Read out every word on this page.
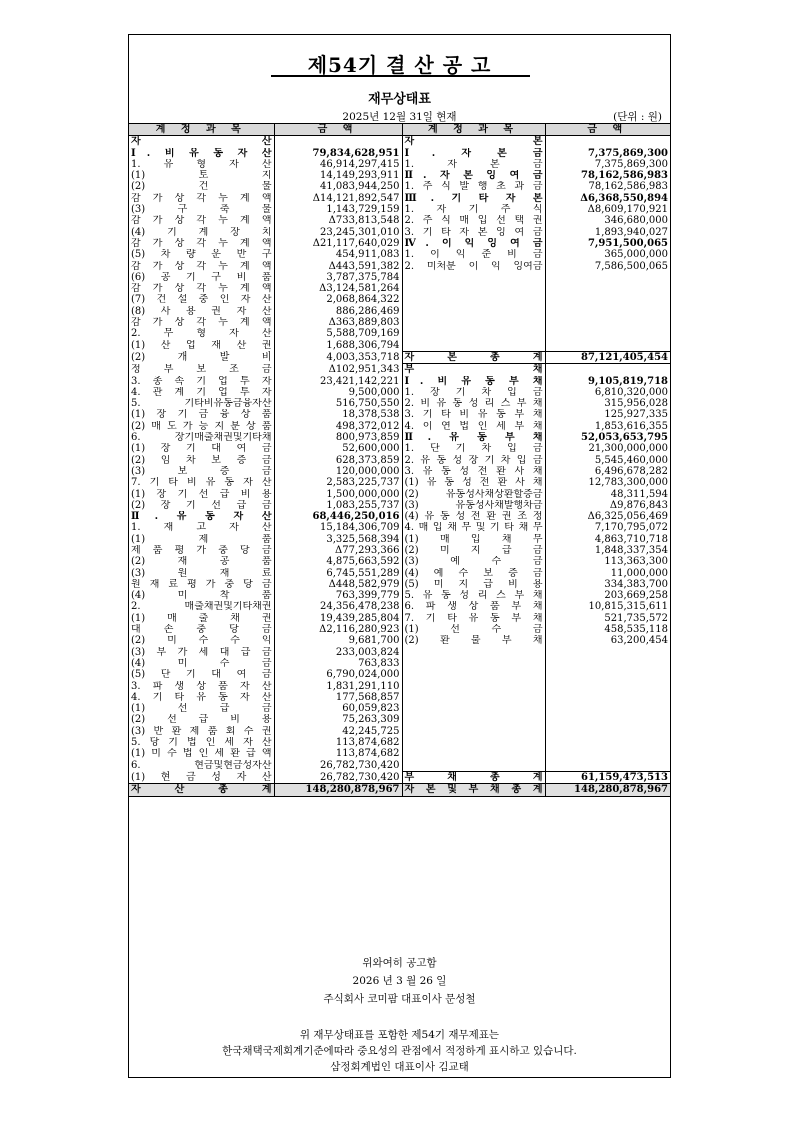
제54기 결 산 공 고
재무상태표
2025년 12월 31일 현재	(단위 : 원)
계 정 과 목	금 액	계 정 과 목	금 액
자 산		자 본	
Ⅰ. 비 유 동 자 산	79,834,628,951	Ⅰ. 자 본 금	7,375,869,300
1. 유 형 자 산	46,914,297,415	1. 자 본 금	7,375,869,300
(1) 토 지	14,149,293,911	Ⅱ. 자 본 잉 여 금	78,162,586,983
(2) 건 물	41,083,944,250	1. 주 식 발 행 초 과 금	78,162,586,983
감 가 상 각 누 계 액	Δ14,121,892,547	Ⅲ. 기 타 자 본	Δ6,368,550,894
(3) 구 축 물	1,143,729,159	1. 자 기 주 식	Δ8,609,170,921
감 가 상 각 누 계 액	Δ733,813,548	2. 주 식 매 입 선 택 권	346,680,000
(4) 기 계 장 치	23,245,301,010	3. 기 타 자 본 잉 여 금	1,893,940,027
감 가 상 각 누 계 액	Δ21,117,640,029	Ⅳ. 이 익 잉 여 금	7,951,500,065
(5) 차 량 운 반 구	454,911,083	1. 이 익 준 비 금	365,000,000
감 가 상 각 누 계 액	Δ443,591,382	2. 미처분 이 익 잉여금	7,586,500,065
(6) 공 기 구 비 품	3,787,375,784		
감 가 상 각 누 계 액	Δ3,124,581,264		
(7) 건 설 중 인 자 산	2,068,864,322		
(8) 사 용 권 자 산	886,286,469		
감 가 상 각 누 계 액	Δ363,889,803		
2. 무 형 자 산	5,588,709,169		
(1) 산 업 재 산 권	1,688,306,794		
(2) 개 발 비	4,003,353,718	자 본 총 계	87,121,405,454
정 부 보 조 금	Δ102,951,343	부 채	
3. 종 속 기 업 투 자	23,421,142,221	Ⅰ. 비 유 동 부 채	9,105,819,718
4. 관 계 기 업 투 자	9,500,000	1. 장 기 차 입 금	6,810,320,000
5. 기타비유동금융자산	516,750,550	2. 비 유 동 성 리 스 부 채	315,956,028
(1) 장 기 금 융 상 품	18,378,538	3. 기 타 비 유 동 부 채	125,927,335
(2) 매 도 가 능 지 분 상 품	498,372,012	4. 이 연 법 인 세 부 채	1,853,616,355
6. 장기매출채권및기타채	800,973,859	Ⅱ. 유 동 부 채	52,053,653,795
(1) 장 기 대 여 금	52,600,000	1. 단 기 차 입 금	21,300,000,000
(2) 임 차 보 증 금	628,373,859	2. 유 동 성 장 기 차 입 금	5,545,460,000
(3) 보 증 금	120,000,000	3. 유 동 성 전 환 사 채	6,496,678,282
7. 기 타 비 유 동 자 산	2,583,225,737	(1) 유 동 성 전 환 사 채	12,783,300,000
(1) 장 기 선 급 비 용	1,500,000,000	(2) 유동성사채상환할증금	48,311,594
(2) 장 기 선 급 금	1,083,255,737	(3) 유동성사채발행차금	Δ9,876,843
Ⅱ. 유 동 자 산	68,446,250,016	(4) 유 동 성 전 환 권 조 정	Δ6,325,056,469
1. 재 고 자 산	15,184,306,709	4. 매 입 채 무 및 기 타 채 무	7,170,795,072
(1) 제 품	3,325,568,394	(1) 매 입 채 무	4,863,710,718
제 품 평 가 충 당 금	Δ77,293,366	(2) 미 지 급 금	1,848,337,354
(2) 재 공 품	4,875,663,592	(3) 예 수 금	113,363,300
(3) 원 재 료	6,745,551,289	(4) 예 수 보 증 금	11,000,000
원 재 료 평 가 충 당 금	Δ448,582,979	(5) 미 지 급 비 용	334,383,700
(4) 미 착 품	763,399,779	5. 유 동 성 리 스 부 채	203,669,258
2. 매출채권및기타채권	24,356,478,238	6. 파 생 상 품 부 채	10,815,315,611
(1) 매 출 채 권	19,439,285,804	7. 기 타 유 동 부 채	521,735,572
대 손 충 당 금	Δ2,116,280,923	(1) 선 수 금	458,535,118
(2) 미 수 수 익	9,681,700	(2) 환 불 부 채	63,200,454
(3) 부 가 세 대 급 금	233,003,824		
(4) 미 수 금	763,833		
(5) 단 기 대 여 금	6,790,024,000		
3. 파 생 상 품 자 산	1,831,291,110		
4. 기 타 유 동 자 산	177,568,857		
(1) 선 급 금	60,059,823		
(2) 선 급 비 용	75,263,309		
(3) 반 환 제 품 회 수 권	42,245,725		
5. 당 기 법 인 세 자 산	113,874,682		
(1) 미 수 법 인 세 환 급 액	113,874,682		
6. 현금및현금성자산	26,782,730,420		
(1) 현 금 성 자 산	26,782,730,420	부 채 총 계	61,159,473,513
자 산 총 계	148,280,878,967	자 본 및 부 채 총 계	148,280,878,967
위와여히 공고함
2026 년 3 월 26 일
주식회사 코미팜 대표이사 문성철
위 재무상태표를 포함한 제54기 재무제표는
한국채택국제회계기준에따라 중요성의 관점에서 적정하게 표시하고 있습니다.
삼정회계법인 대표이사 김교태
